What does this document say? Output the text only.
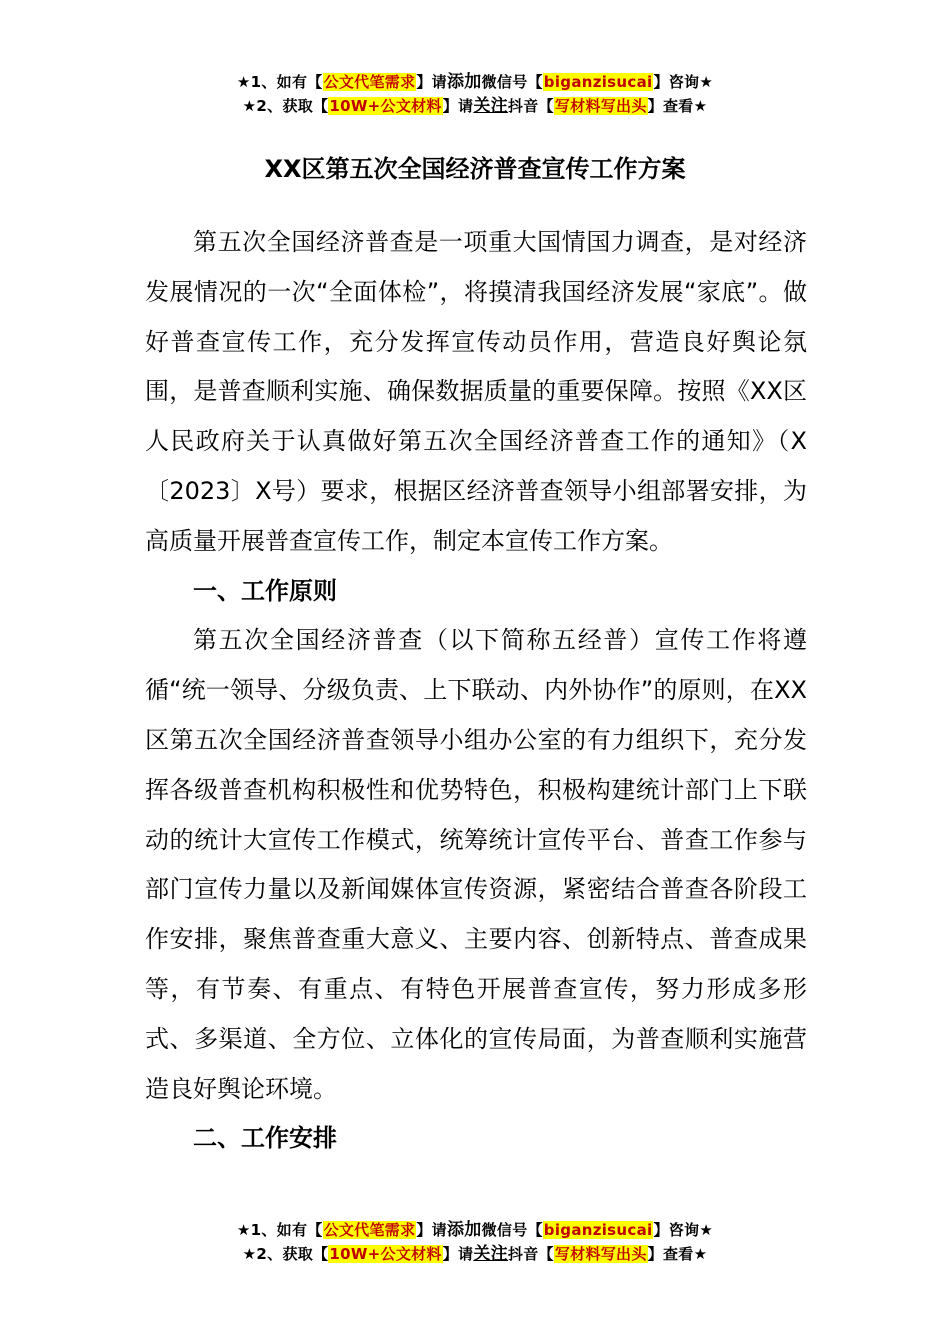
★1、如有【公文代笔需求】请添加微信号【biganzisucai】咨询★
★2、获取【10W+公文材料】请关注抖音【写材料写出头】查看★
XX区第五次全国经济普查宣传工作方案

第五次全国经济普查是一项重大国情国力调查，是对经济发展情况的一次“全面体检”，将摸清我国经济发展“家底”。做好普查宣传工作，充分发挥宣传动员作用，营造良好舆论氛围，是普查顺利实施、确保数据质量的重要保障。按照《XX区人民政府关于认真做好第五次全国经济普查工作的通知》（X〔2023〕X号）要求，根据区经济普查领导小组部署安排，为高质量开展普查宣传工作，制定本宣传工作方案。

一、工作原则

第五次全国经济普查（以下简称五经普）宣传工作将遵循“统一领导、分级负责、上下联动、内外协作”的原则，在XX区第五次全国经济普查领导小组办公室的有力组织下，充分发挥各级普查机构积极性和优势特色，积极构建统计部门上下联动的统计大宣传工作模式，统筹统计宣传平台、普查工作参与部门宣传力量以及新闻媒体宣传资源，紧密结合普查各阶段工作安排，聚焦普查重大意义、主要内容、创新特点、普查成果等，有节奏、有重点、有特色开展普查宣传，努力形成多形式、多渠道、全方位、立体化的宣传局面，为普查顺利实施营造良好舆论环境。

二、工作安排

★1、如有【公文代笔需求】请添加微信号【biganzisucai】咨询★
★2、获取【10W+公文材料】请关注抖音【写材料写出头】查看★
